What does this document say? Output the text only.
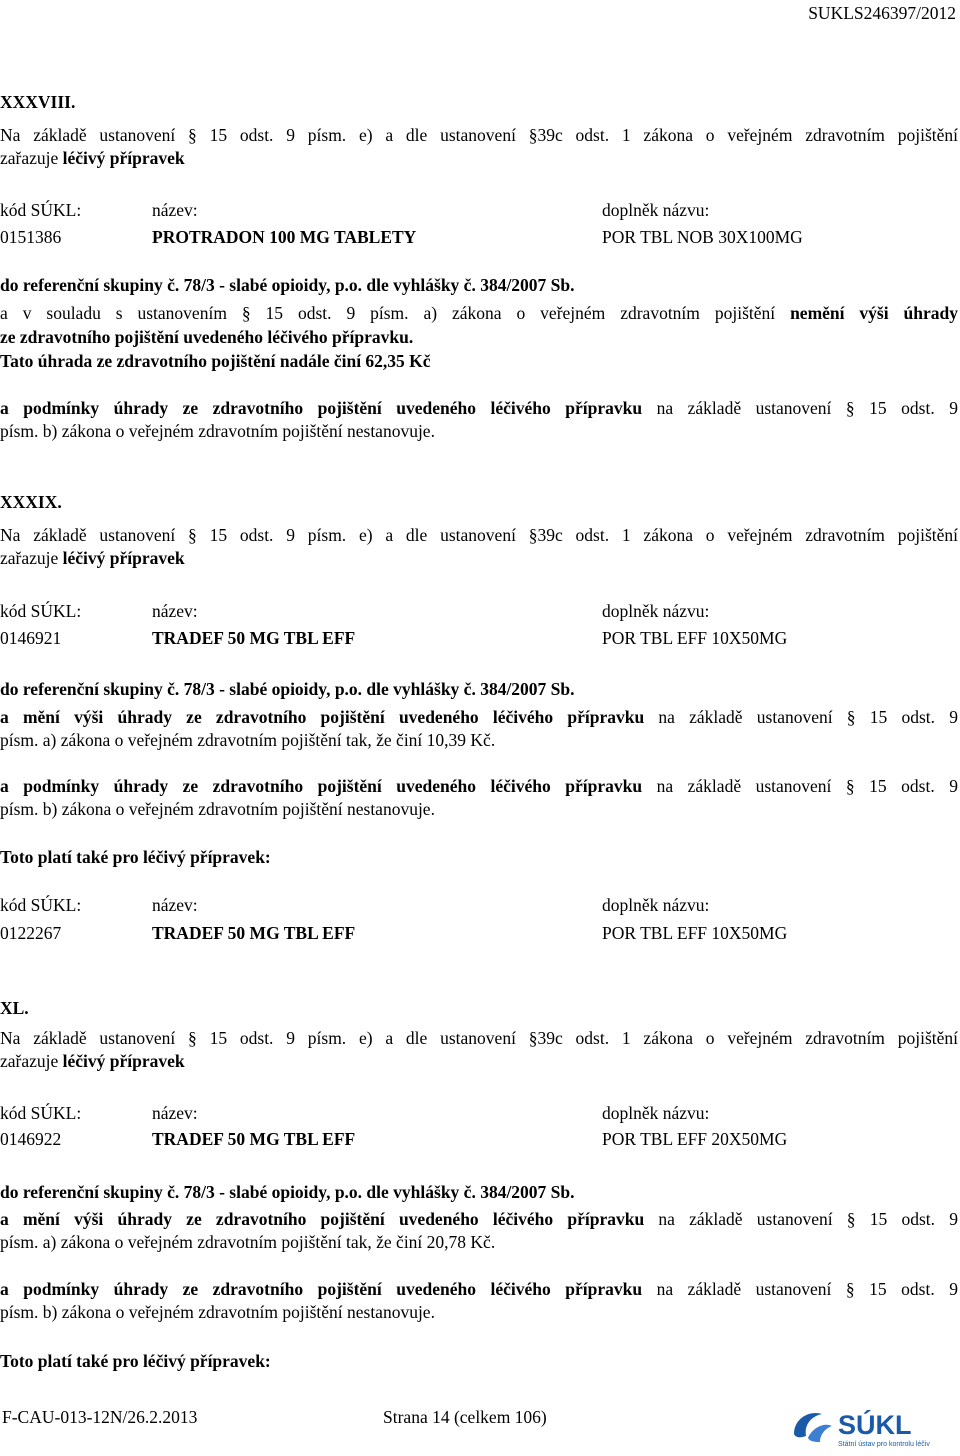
SUKLS246397/2012
XXXVIII.
Na základě ustanovení § 15 odst. 9 písm. e) a dle ustanovení §39c odst. 1 zákona o veřejném zdravotním pojištění
zařazuje léčivý přípravek
kód SÚKL:	název:	doplněk názvu:
0151386	PROTRADON 100 MG TABLETY	POR TBL NOB 30X100MG
do referenční skupiny č. 78/3 - slabé opioidy, p.o. dle vyhlášky č. 384/2007 Sb.
a v souladu s ustanovením § 15 odst. 9 písm. a) zákona o veřejném zdravotním pojištění nemění výši úhrady
ze zdravotního pojištění uvedeného léčivého přípravku.
Tato úhrada ze zdravotního pojištění nadále činí 62,35 Kč
a podmínky úhrady ze zdravotního pojištění uvedeného léčivého přípravku na základě ustanovení § 15 odst. 9
písm. b) zákona o veřejném zdravotním pojištění nestanovuje.
XXXIX.
Na základě ustanovení § 15 odst. 9 písm. e) a dle ustanovení §39c odst. 1 zákona o veřejném zdravotním pojištění
zařazuje léčivý přípravek
kód SÚKL:	název:	doplněk názvu:
0146921	TRADEF 50 MG TBL EFF	POR TBL EFF 10X50MG
do referenční skupiny č. 78/3 - slabé opioidy, p.o. dle vyhlášky č. 384/2007 Sb.
a mění výši úhrady ze zdravotního pojištění uvedeného léčivého přípravku na základě ustanovení § 15 odst. 9
písm. a) zákona o veřejném zdravotním pojištění tak, že činí 10,39 Kč.
a podmínky úhrady ze zdravotního pojištění uvedeného léčivého přípravku na základě ustanovení § 15 odst. 9
písm. b) zákona o veřejném zdravotním pojištění nestanovuje.
Toto platí také pro léčivý přípravek:
kód SÚKL:	název:	doplněk názvu:
0122267	TRADEF 50 MG TBL EFF	POR TBL EFF 10X50MG
XL.
Na základě ustanovení § 15 odst. 9 písm. e) a dle ustanovení §39c odst. 1 zákona o veřejném zdravotním pojištění
zařazuje léčivý přípravek
kód SÚKL:	název:	doplněk názvu:
0146922	TRADEF 50 MG TBL EFF	POR TBL EFF 20X50MG
do referenční skupiny č. 78/3 - slabé opioidy, p.o. dle vyhlášky č. 384/2007 Sb.
a mění výši úhrady ze zdravotního pojištění uvedeného léčivého přípravku na základě ustanovení § 15 odst. 9
písm. a) zákona o veřejném zdravotním pojištění tak, že činí 20,78 Kč.
a podmínky úhrady ze zdravotního pojištění uvedeného léčivého přípravku na základě ustanovení § 15 odst. 9
písm. b) zákona o veřejném zdravotním pojištění nestanovuje.
Toto platí také pro léčivý přípravek:
F-CAU-013-12N/26.2.2013	Strana 14 (celkem 106)	SÚKL
Státní ústav pro kontrolu léčiv
